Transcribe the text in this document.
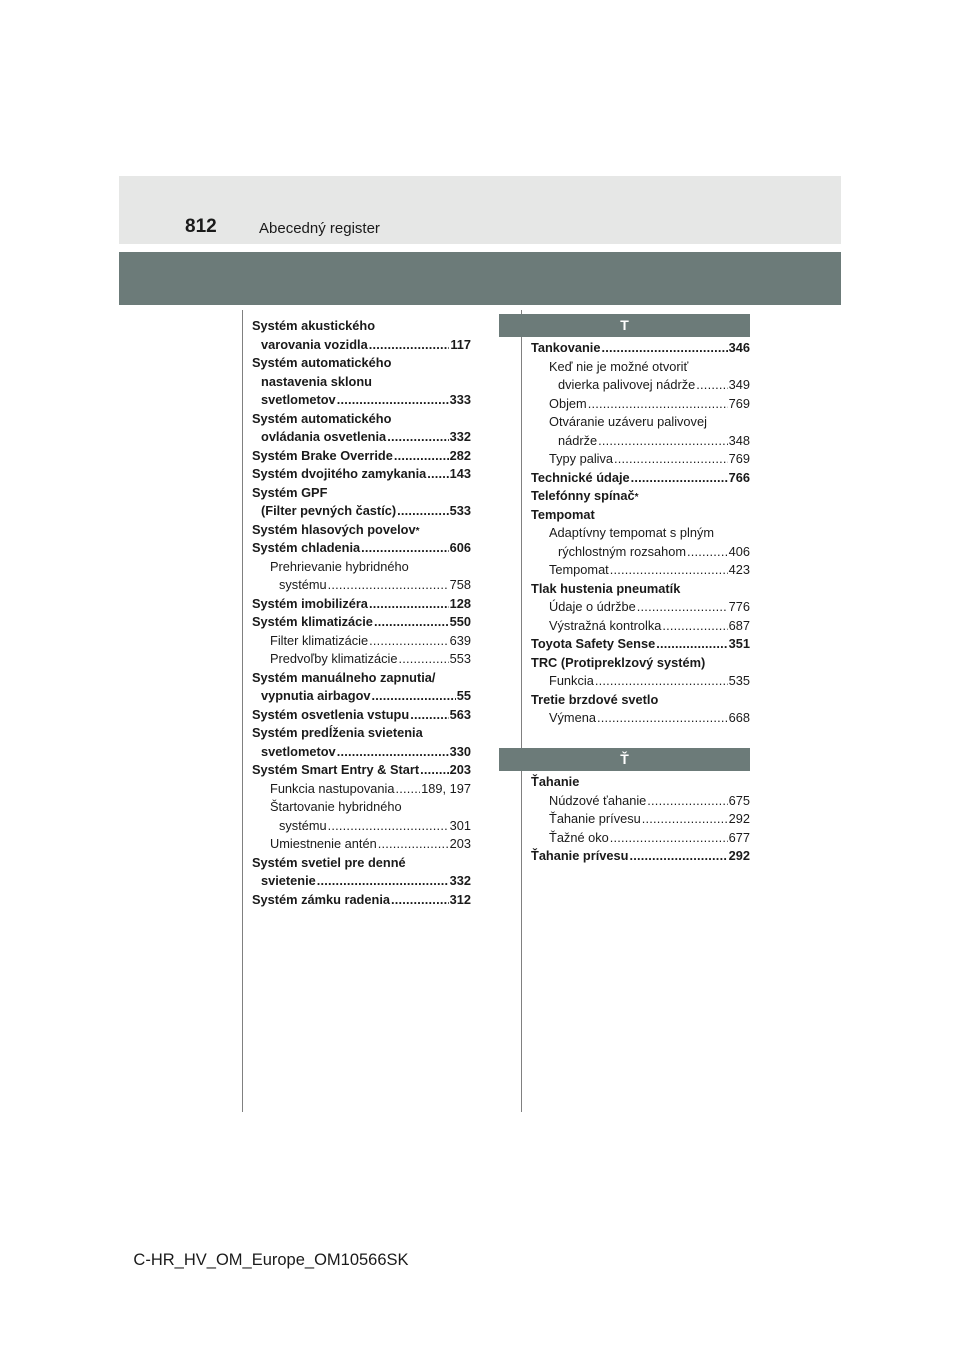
812	Abecedný register
Systém akustického
varovania vozidla .....	117
Systém automatického
nastavenia sklonu
svetlometov .....	333
Systém automatického
ovládania osvetlenia .....	332
Systém Brake Override .....	282
Systém dvojitého zamykania ..... 143
Systém GPF
(Filter pevných častíc) .....	533
Systém hlasových povelov *
Systém chladenia .....	606
Prehrievanie hybridného
systému .....	758
Systém imobilizéra .....	128
Systém klimatizácie .....	550
Filter klimatizácie .....	639
Predvoľby klimatizácie .....	553
Systém manuálneho zapnutia/
vypnutia airbagov .....	55
Systém osvetlenia vstupu .....	563
Systém predĺženia svietenia
svetlometov .....	330
Systém Smart Entry & Start ..... 203
Funkcia nastupovania ..... 189, 197
Štartovanie hybridného
systému .....	301
Umiestnenie antén .....	203
Systém svetiel pre denné
svietenie .....	332
Systém zámku radenia .....	312
T
Tankovanie .....	346
Keď nie je možné otvoriť
dvierka palivovej nádrže .....	349
Objem .....	769
Otváranie uzáveru palivovej
nádrže .....	348
Typy paliva .....	769
Technické údaje .....	766
Telefónny spínač *
Tempomat
Adaptívny tempomat s plným
rýchlostným rozsahom .....	406
Tempomat .....	423
Tlak hustenia pneumatík
Údaje o údržbe .....	776
Výstražná kontrolka .....	687
Toyota Safety Sense .....	351
TRC (Protipreklzový systém)
Funkcia .....	535
Tretie brzdové svetlo
Výmena .....	668
Ť
Ťahanie
Núdzové ťahanie .....	675
Ťahanie prívesu .....	292
Ťažné oko .....	677
Ťahanie prívesu .....	292
C-HR_HV_OM_Europe_OM10566SK
